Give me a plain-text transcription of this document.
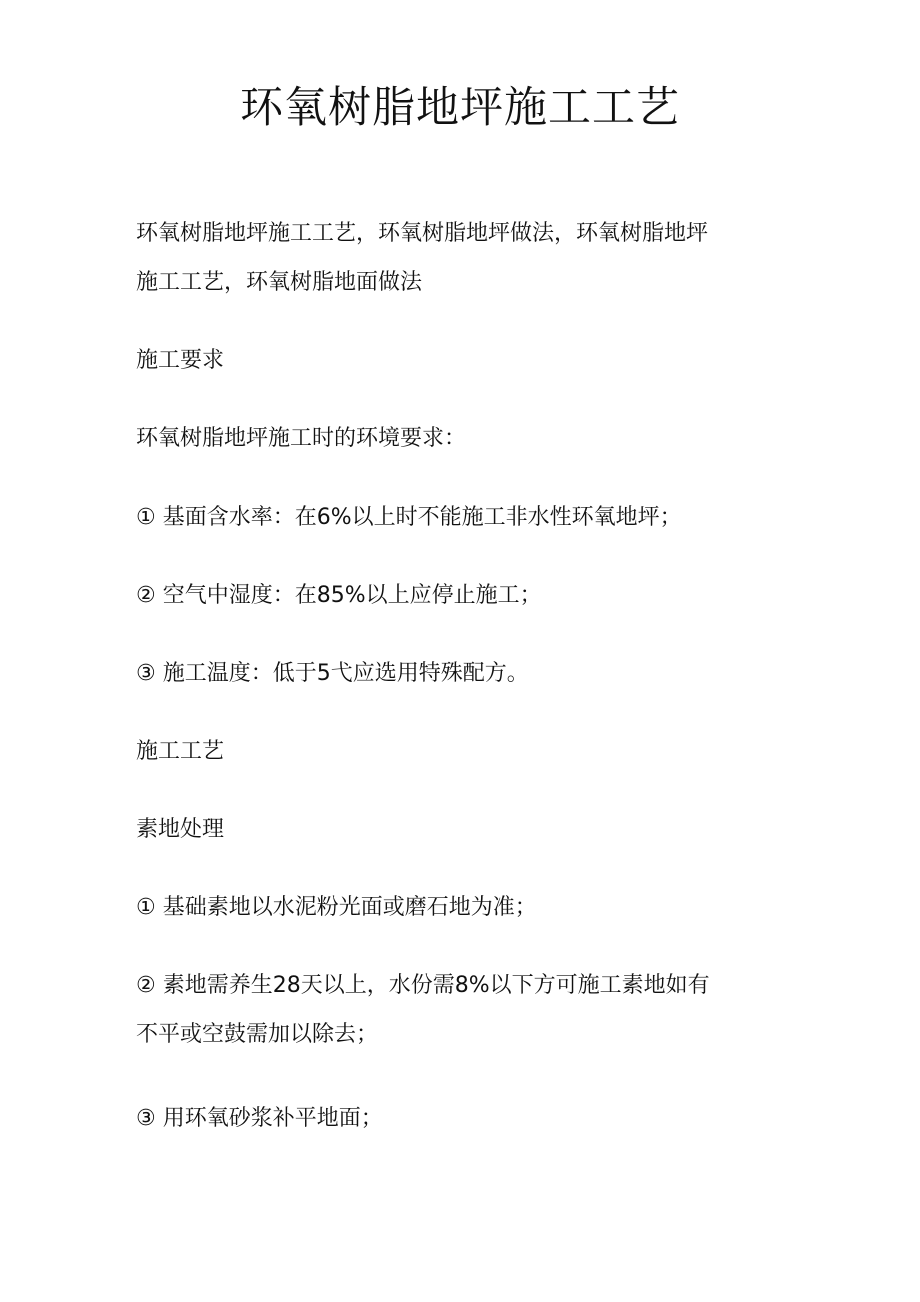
环氧树脂地坪施工工艺

环氧树脂地坪施工工艺，环氧树脂地坪做法，环氧树脂地坪

施工工艺，环氧树脂地面做法

施工要求

环氧树脂地坪施工时的环境要求：

① 基面含水率：在6%以上时不能施工非水性环氧地坪；

② 空气中湿度：在85%以上应停止施工；

③ 施工温度：低于5弋应选用特殊配方。

施工工艺

素地处理

① 基础素地以水泥粉光面或磨石地为准；

② 素地需养生28天以上，水份需8%以下方可施工素地如有

不平或空鼓需加以除去；

③ 用环氧砂浆补平地面；
